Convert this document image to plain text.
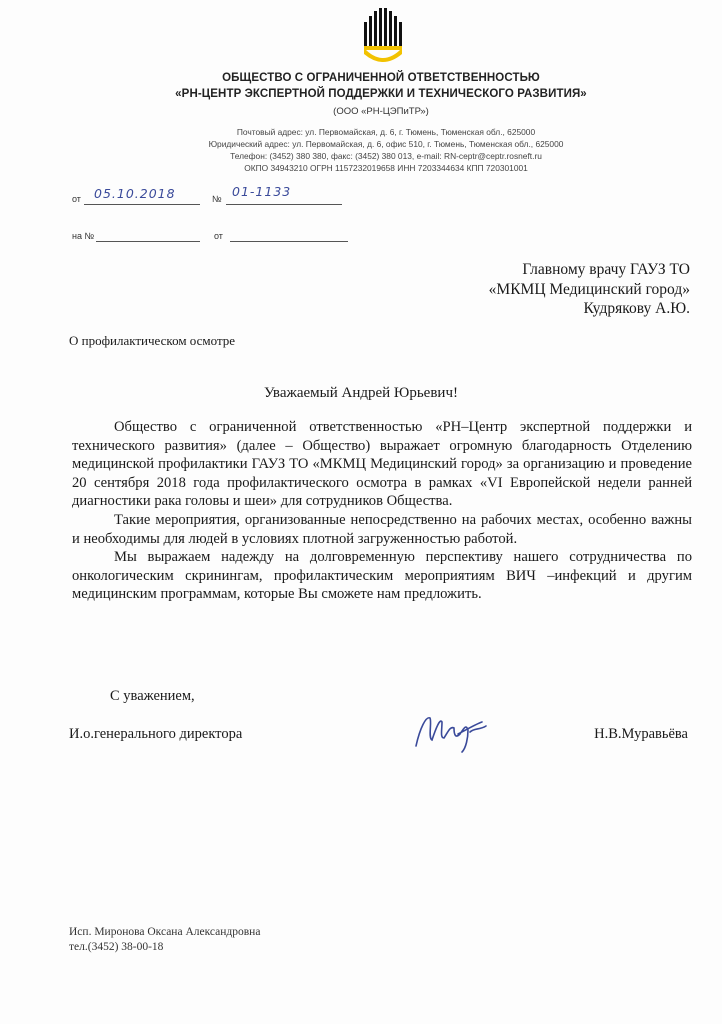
ОБЩЕСТВО С ОГРАНИЧЕННОЙ ОТВЕТСТВЕННОСТЬЮ
«РН-ЦЕНТР ЭКСПЕРТНОЙ ПОДДЕРЖКИ И ТЕХНИЧЕСКОГО РАЗВИТИЯ»
(ООО «РН-ЦЭПиТР»)
Почтовый адрес: ул. Первомайская, д. 6, г. Тюмень, Тюменская обл., 625000
Юридический адрес: ул. Первомайская, д. 6, офис 510, г. Тюмень, Тюменская обл., 625000
Телефон: (3452) 380 380, факс: (3452) 380 013, e-mail: RN-ceptr@ceptr.rosneft.ru
ОКПО 34943210 ОГРН 1157232019658 ИНН 7203344634 КПП 720301001
от 05.10.2018	№ 01-1133
на №	от
Главному врачу ГАУЗ ТО
«МКМЦ Медицинский город»
Кудрякову А.Ю.
О профилактическом осмотре
Уважаемый Андрей Юрьевич!

Общество с ограниченной ответственностью «РН–Центр экспертной поддержки и технического развития» (далее – Общество) выражает огромную благодарность Отделению медицинской профилактики ГАУЗ ТО «МКМЦ Медицинский город» за организацию и проведение 20 сентября 2018 года профилактического осмотра в рамках «VI Европейской недели ранней диагностики рака головы и шеи» для сотрудников Общества.

Такие мероприятия, организованные непосредственно на рабочих местах, особенно важны и необходимы для людей в условиях плотной загруженностью работой.

Мы выражаем надежду на долговременную перспективу нашего сотрудничества по онкологическим скринингам, профилактическим мероприятиям ВИЧ –инфекций и другим медицинским программам, которые Вы сможете нам предложить.

С уважением,
И.о.генерального директора	Н.В.Муравьёва
Исп. Миронова Оксана Александровна
тел.(3452) 38-00-18
